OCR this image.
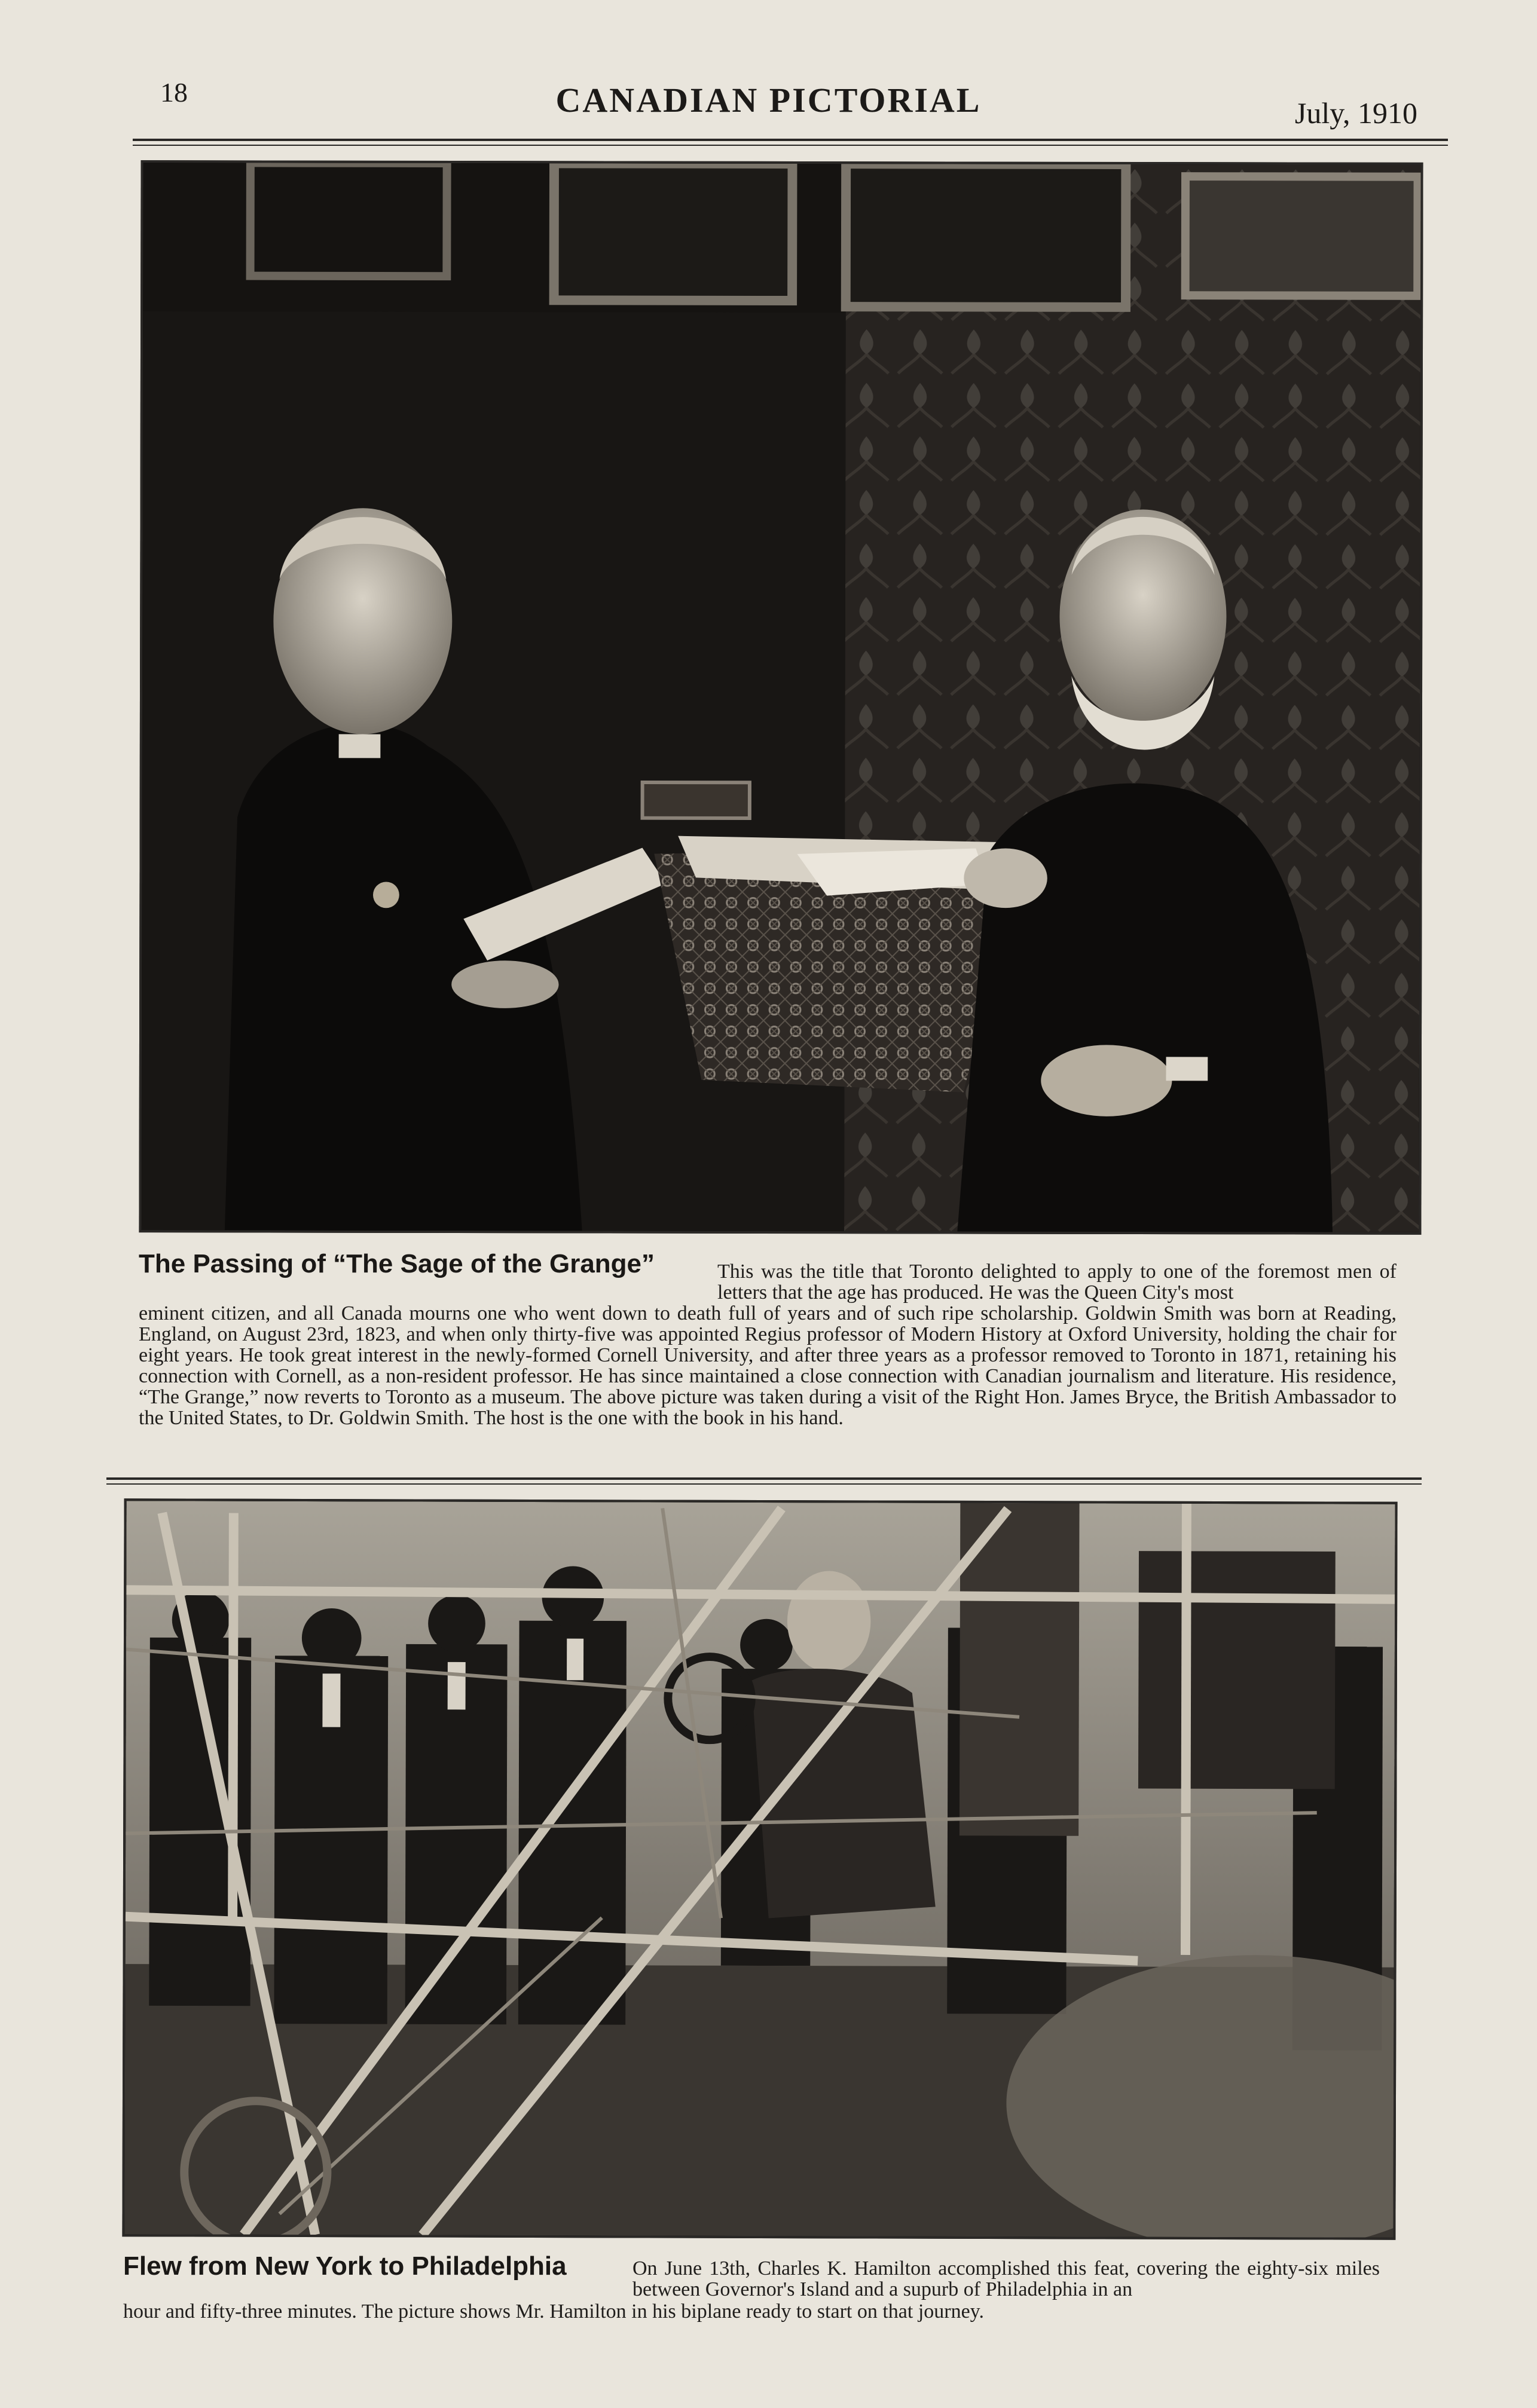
18	CANADIAN PICTORIAL	July, 1910
The Passing of “The Sage of the Grange”	This was the title that Toronto delighted to apply to one of the foremost men of letters that the age has produced. He was the Queen City's most
eminent citizen, and all Canada mourns one who went down to death full of years and of such ripe scholarship. Goldwin Smith was born at Reading, England, on August 23rd, 1823, and when only thirty-five was appointed Regius professor of Modern History at Oxford University, holding the chair for eight years. He took great interest in the newly-formed Cornell University, and after three years as a professor removed to Toronto in 1871, retaining his connection with Cornell, as a non-resident professor. He has since maintained a close connection with Canadian journalism and literature. His residence, “The Grange,” now reverts to Toronto as a museum. The above picture was taken during a visit of the Right Hon. James Bryce, the British Ambassador to the United States, to Dr. Goldwin Smith. The host is the one with the book in his hand.
Flew from New York to Philadelphia	On June 13th, Charles K. Hamilton accomplished this feat, covering the eighty-six miles between Governor's Island and a supurb of Philadelphia in an
hour and fifty-three minutes. The picture shows Mr. Hamilton in his biplane ready to start on that journey.
